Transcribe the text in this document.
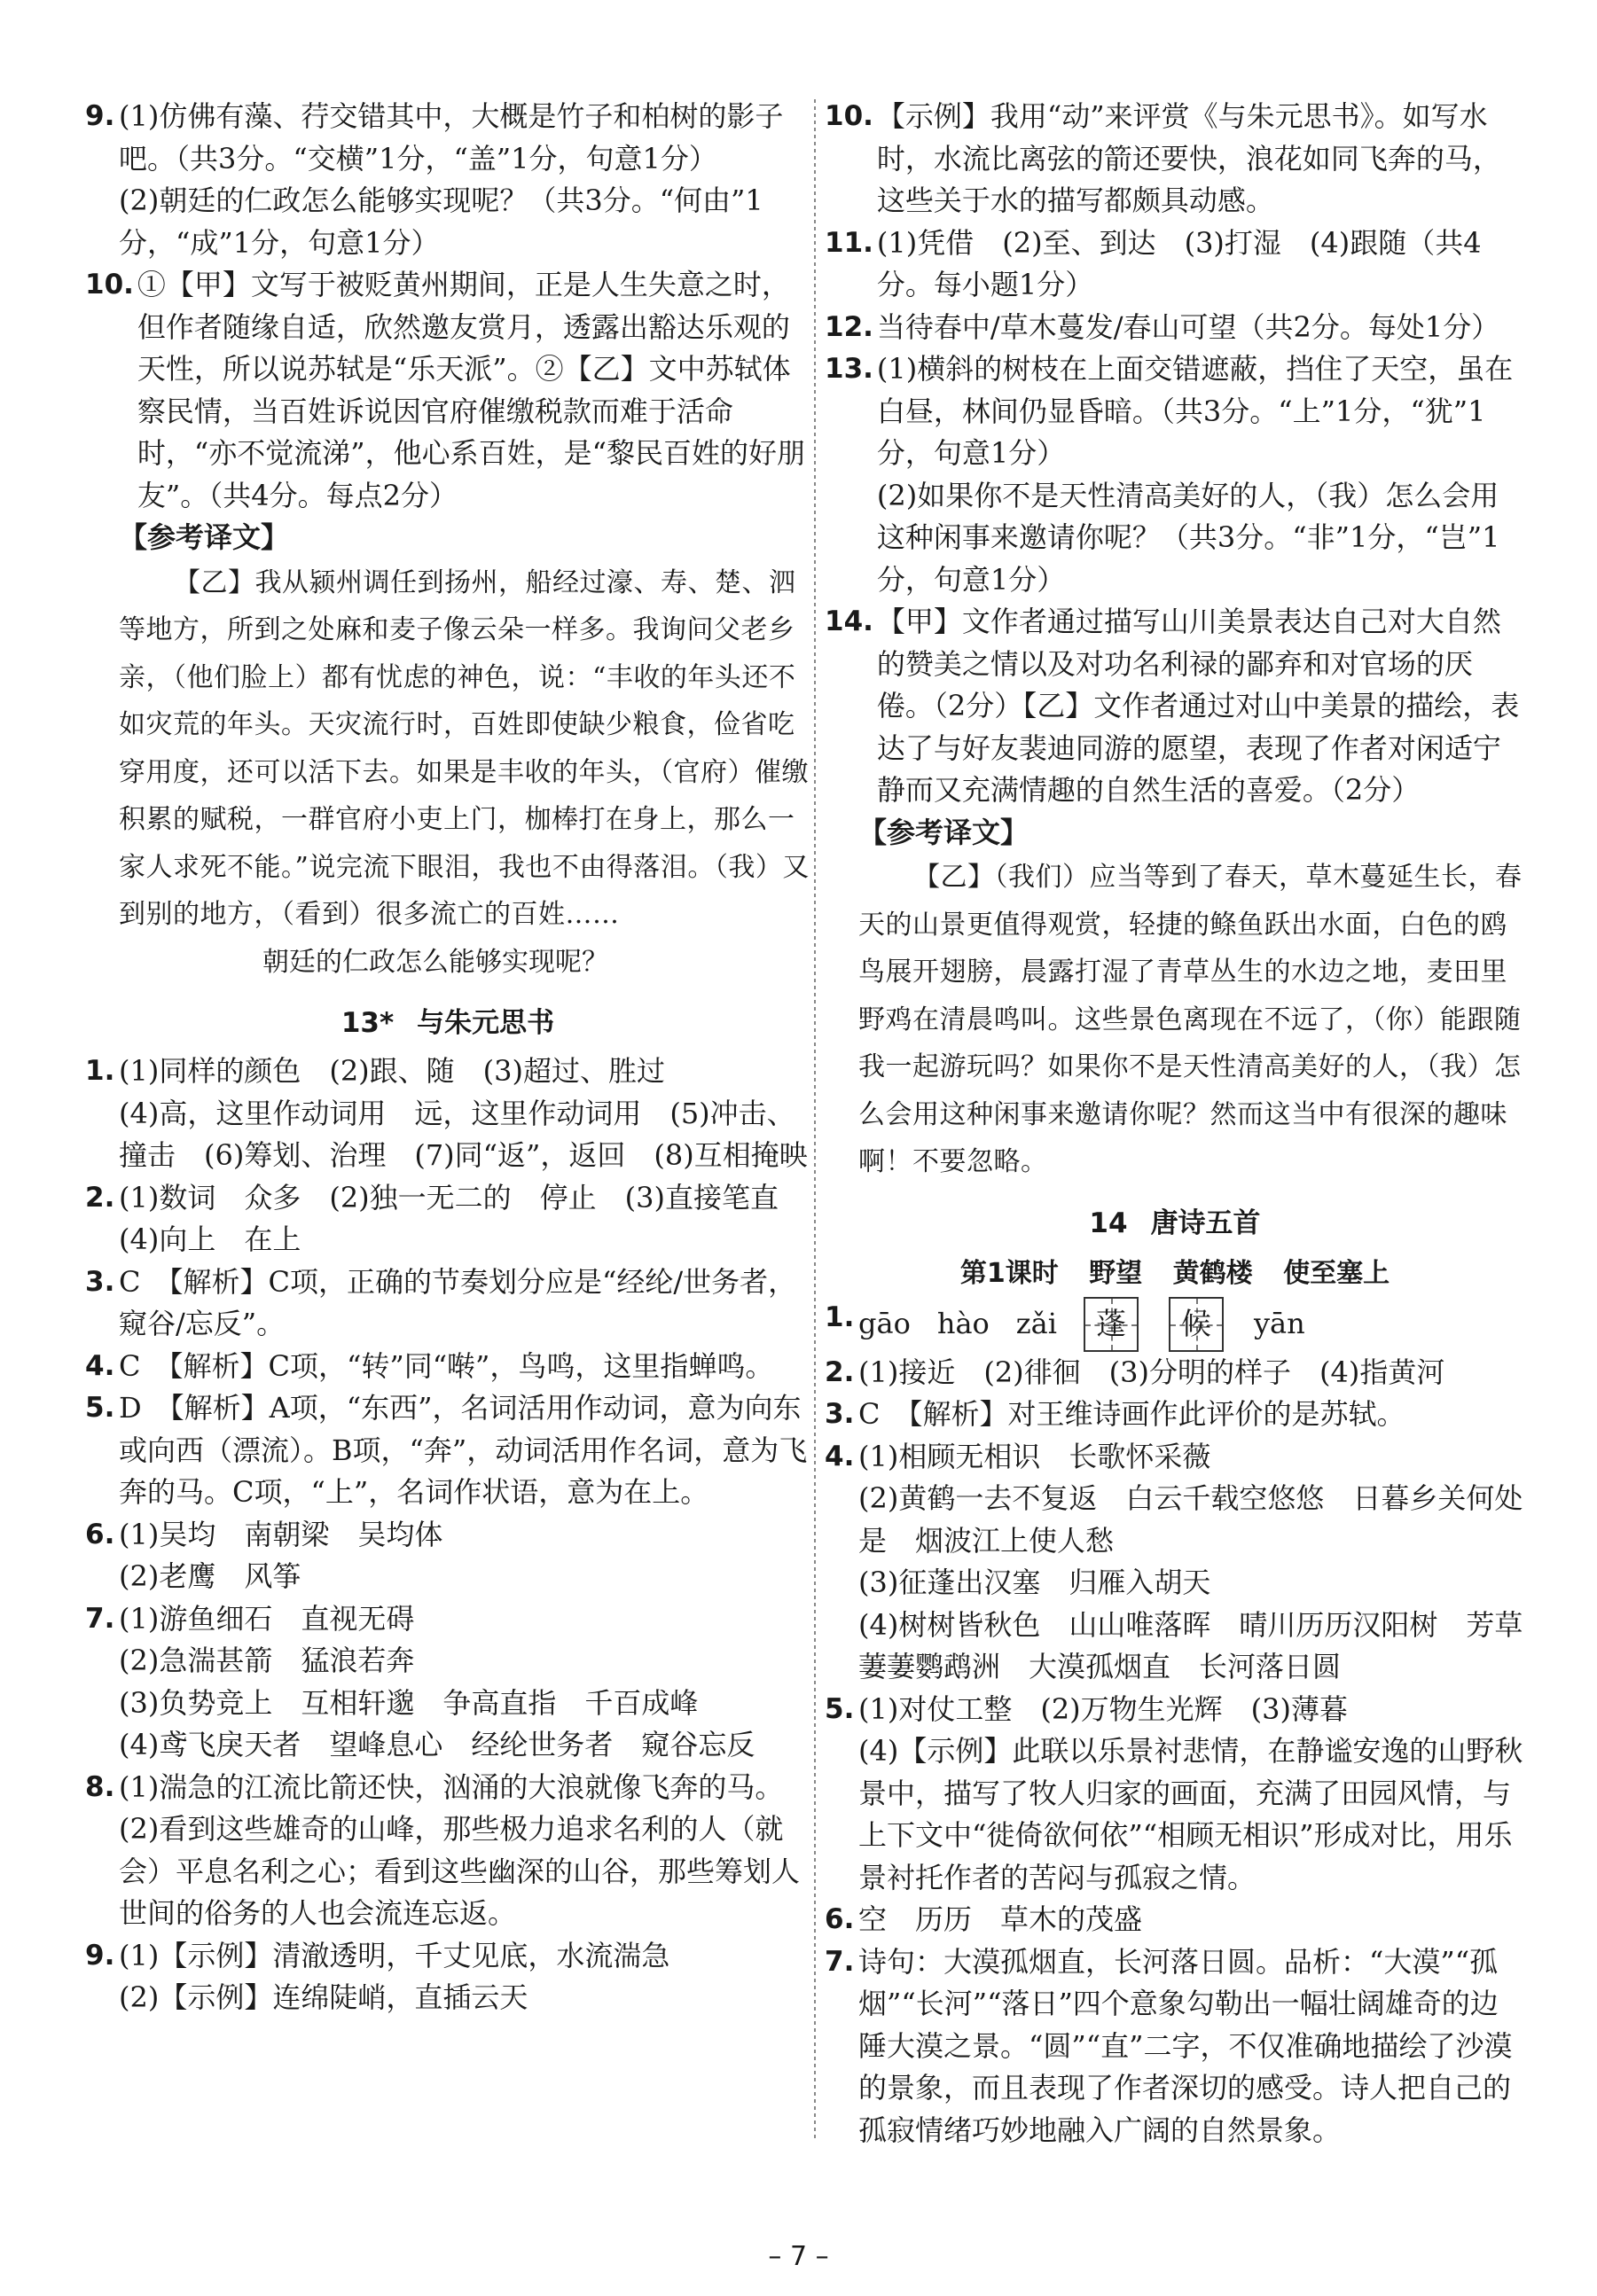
9. (1)仿佛有藻、荇交错其中，大概是竹子和柏树的影子吧。（共3分。“交横”1分，“盖”1分，句意1分）

(2)朝廷的仁政怎么能够实现呢？（共3分。“何由”1分，“成”1分，句意1分）

10. ①【甲】文写于被贬黄州期间，正是人生失意之时，但作者随缘自适，欣然邀友赏月，透露出豁达乐观的天性，所以说苏轼是“乐天派”。②【乙】文中苏轼体察民情，当百姓诉说因官府催缴税款而难于活命时，“亦不觉流涕”，他心系百姓，是“黎民百姓的好朋友”。（共4分。每点2分）

【参考译文】

【乙】我从颍州调任到扬州，船经过濠、寿、楚、泗等地方，所到之处麻和麦子像云朵一样多。我询问父老乡亲，（他们脸上）都有忧虑的神色，说：“丰收的年头还不如灾荒的年头。天灾流行时，百姓即使缺少粮食，俭省吃穿用度，还可以活下去。如果是丰收的年头，（官府）催缴积累的赋税，一群官府小吏上门，枷棒打在身上，那么一家人求死不能。”说完流下眼泪，我也不由得落泪。（我）又到别的地方，（看到）很多流亡的百姓……

朝廷的仁政怎么能够实现呢？

13* 与朱元思书
1. (1)同样的颜色　(2)跟、随　(3)超过、胜过

(4)高，这里作动词用　远，这里作动词用　(5)冲击、撞击　(6)筹划、治理　(7)同“返”，返回　(8)互相掩映

2. (1)数词　众多　(2)独一无二的　停止　(3)直接笔直　(4)向上　在上

3. C　【解析】C项，正确的节奏划分应是“经纶/世务者，窥谷/忘反”。

4. C　【解析】C项，“转”同“啭”，鸟鸣，这里指蝉鸣。

5. D　【解析】A项，“东西”，名词活用作动词，意为向东或向西（漂流）。B项，“奔”，动词活用作名词，意为飞奔的马。C项，“上”，名词作状语，意为在上。

6. (1)吴均　南朝梁　吴均体

(2)老鹰　风筝

7. (1)游鱼细石　直视无碍

(2)急湍甚箭　猛浪若奔

(3)负势竞上　互相轩邈　争高直指　千百成峰

(4)鸢飞戾天者　望峰息心　经纶世务者　窥谷忘反

8. (1)湍急的江流比箭还快，汹涌的大浪就像飞奔的马。

(2)看到这些雄奇的山峰，那些极力追求名利的人（就会）平息名利之心；看到这些幽深的山谷，那些筹划人世间的俗务的人也会流连忘返。

9. (1)【示例】清澈透明，千丈见底，水流湍急

(2)【示例】连绵陡峭，直插云天

10. 【示例】我用“动”来评赏《与朱元思书》。如写水时，水流比离弦的箭还要快，浪花如同飞奔的马，这些关于水的描写都颇具动感。

11. (1)凭借　(2)至、到达　(3)打湿　(4)跟随（共4分。每小题1分）

12. 当待春中/草木蔓发/春山可望（共2分。每处1分）

13. (1)横斜的树枝在上面交错遮蔽，挡住了天空，虽在白昼，林间仍显昏暗。（共3分。“上”1分，“犹”1分，句意1分）

(2)如果你不是天性清高美好的人，（我）怎么会用这种闲事来邀请你呢？（共3分。“非”1分，“岂”1分，句意1分）

14. 【甲】文作者通过描写山川美景表达自己对大自然的赞美之情以及对功名利禄的鄙弃和对官场的厌倦。（2分）【乙】文作者通过对山中美景的描绘，表达了与好友裴迪同游的愿望，表现了作者对闲适宁静而又充满情趣的自然生活的喜爱。（2分）

【参考译文】

【乙】（我们）应当等到了春天，草木蔓延生长，春天的山景更值得观赏，轻捷的鲦鱼跃出水面，白色的鸥鸟展开翅膀，晨露打湿了青草丛生的水边之地，麦田里野鸡在清晨鸣叫。这些景色离现在不远了，（你）能跟随我一起游玩吗？如果你不是天性清高美好的人，（我）怎么会用这种闲事来邀请你呢？然而这当中有很深的趣味啊！不要忽略。

14 唐诗五首
第1课时 野望 黄鹤楼 使至塞上
1. gāo hào zǎi	蓬	候	yān
2. (1)接近　(2)徘徊　(3)分明的样子　(4)指黄河

3. C　【解析】对王维诗画作此评价的是苏轼。

4. (1)相顾无相识　长歌怀采薇

(2)黄鹤一去不复返　白云千载空悠悠　日暮乡关何处是　烟波江上使人愁

(3)征蓬出汉塞　归雁入胡天

(4)树树皆秋色　山山唯落晖　晴川历历汉阳树　芳草萋萋鹦鹉洲　大漠孤烟直　长河落日圆

5. (1)对仗工整　(2)万物生光辉　(3)薄暮

(4)【示例】此联以乐景衬悲情，在静谧安逸的山野秋景中，描写了牧人归家的画面，充满了田园风情，与上下文中“徙倚欲何依”“相顾无相识”形成对比，用乐景衬托作者的苦闷与孤寂之情。

6. 空　历历　草木的茂盛

7. 诗句：大漠孤烟直，长河落日圆。品析：“大漠”“孤烟”“长河”“落日”四个意象勾勒出一幅壮阔雄奇的边陲大漠之景。“圆”“直”二字，不仅准确地描绘了沙漠的景象，而且表现了作者深切的感受。诗人把自己的孤寂情绪巧妙地融入广阔的自然景象。

– 7 –
